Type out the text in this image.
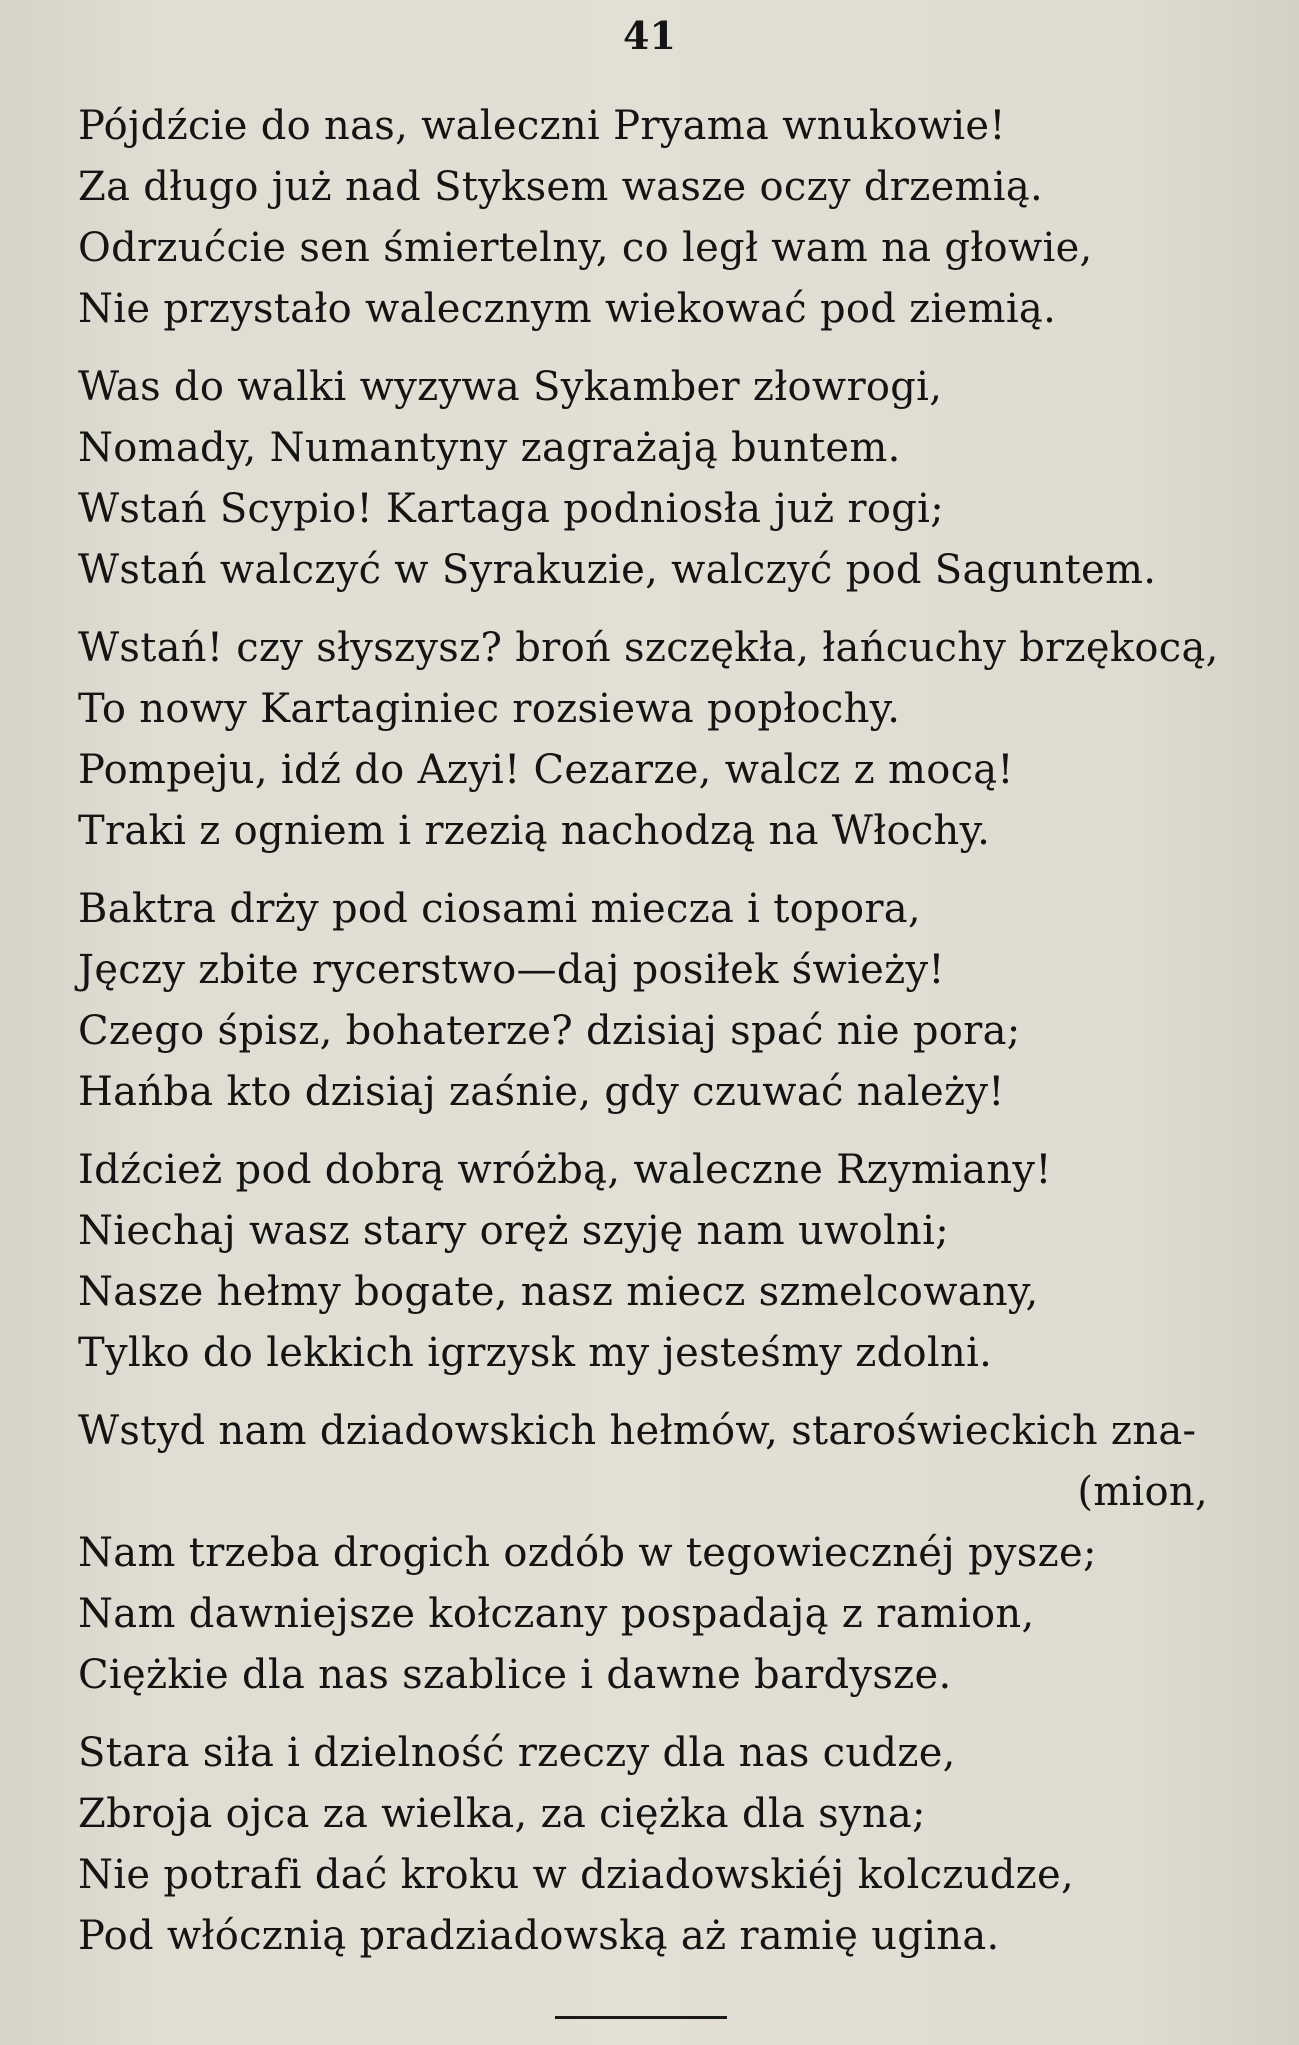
41
Pójdźcie do nas, waleczni Pryama wnukowie!
Za długo już nad Styksem wasze oczy drzemią.
Odrzućcie sen śmiertelny, co legł wam na głowie,
Nie przystało walecznym wiekować pod ziemią.
Was do walki wyzywa Sykamber złowrogi,
Nomady, Numantyny zagrażają buntem.
Wstań Scypio! Kartaga podniosła już rogi;
Wstań walczyć w Syrakuzie, walczyć pod Saguntem.
Wstań! czy słyszysz? broń szczękła, łańcuchy brzękocą,
To nowy Kartaginiec rozsiewa popłochy.
Pompeju, idź do Azyi! Cezarze, walcz z mocą!
Traki z ogniem i rzezią nachodzą na Włochy.
Baktra drży pod ciosami miecza i topora,
Jęczy zbite rycerstwo—daj posiłek świeży!
Czego śpisz, bohaterze? dzisiaj spać nie pora;
Hańba kto dzisiaj zaśnie, gdy czuwać należy!
Idźcież pod dobrą wróżbą, waleczne Rzymiany!
Niechaj wasz stary oręż szyję nam uwolni;
Nasze hełmy bogate, nasz miecz szmelcowany,
Tylko do lekkich igrzysk my jesteśmy zdolni.
Wstyd nam dziadowskich hełmów, staroświeckich zna-
(mion,
Nam trzeba drogich ozdób w tegowiecznéj pysze;
Nam dawniejsze kołczany pospadają z ramion,
Ciężkie dla nas szablice i dawne bardysze.
Stara siła i dzielność rzeczy dla nas cudze,
Zbroja ojca za wielka, za ciężka dla syna;
Nie potrafi dać kroku w dziadowskiéj kolczudze,
Pod włócznią pradziadowską aż ramię ugina.
